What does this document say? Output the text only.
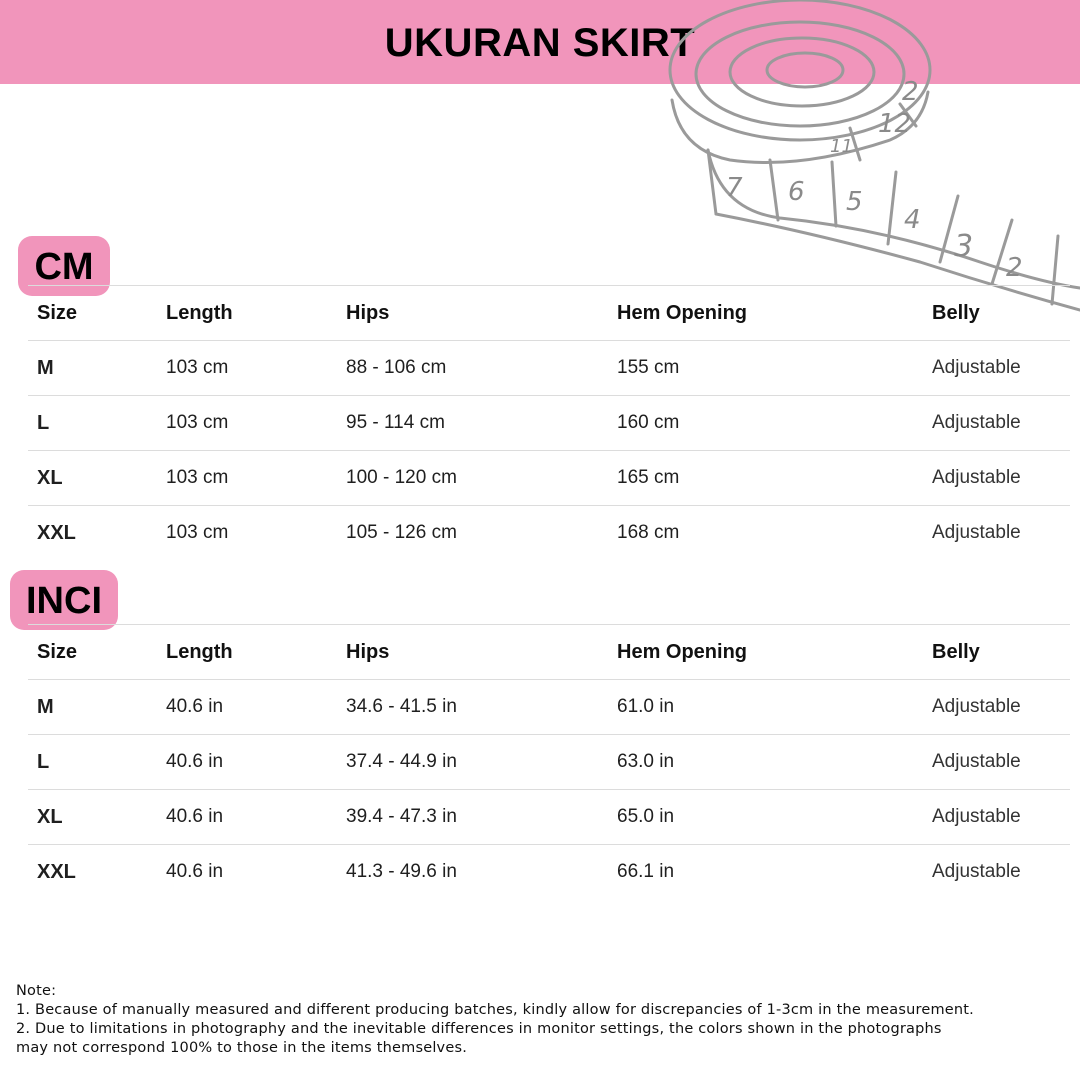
UKURAN SKIRT
2
12
11
7 6 5
4
3
2
CM
Size	Length	Hips	Hem Opening	Belly
M	103 cm	88 - 106 cm	155 cm	Adjustable
L	103 cm	95 - 114 cm	160 cm	Adjustable
XL	103 cm	100 - 120 cm	165 cm	Adjustable
XXL	103 cm	105 - 126 cm	168 cm	Adjustable
INCI
Size	Length	Hips	Hem Opening	Belly
M	40.6 in	34.6 - 41.5 in	61.0 in	Adjustable
L	40.6 in	37.4 - 44.9 in	63.0 in	Adjustable
XL	40.6 in	39.4 - 47.3 in	65.0 in	Adjustable
XXL	40.6 in	41.3 - 49.6 in	66.1 in	Adjustable
Note:
1. Because of manually measured and different producing batches, kindly allow for discrepancies of 1-3cm in the measurement.
2. Due to limitations in photography and the inevitable differences in monitor settings, the colors shown in the photographs
may not correspond 100% to those in the items themselves.
